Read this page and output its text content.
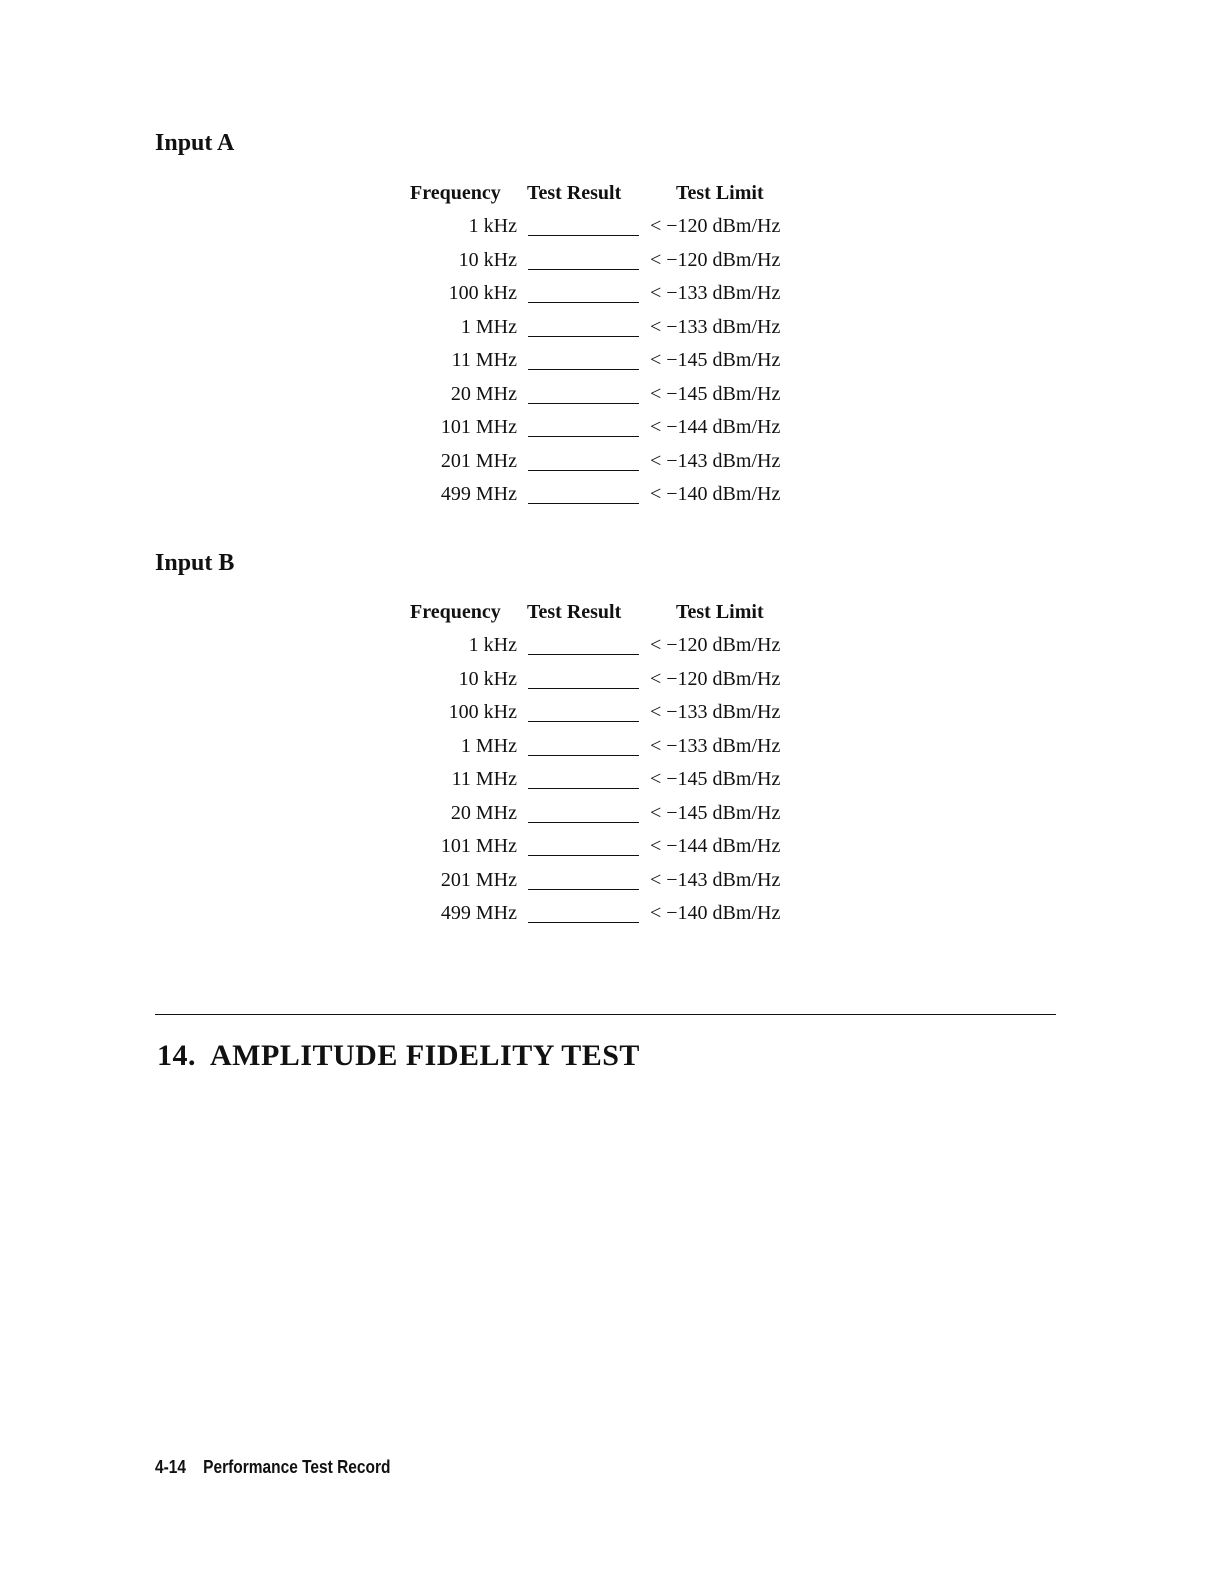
Input A
Frequency Test Result	Test Limit
1 kHz	< −120 dBm/Hz
10 kHz	< −120 dBm/Hz
100 kHz	< −133 dBm/Hz
1 MHz	< −133 dBm/Hz
11 MHz	< −145 dBm/Hz
20 MHz	< −145 dBm/Hz
101 MHz	< −144 dBm/Hz
201 MHz	< −143 dBm/Hz
499 MHz	< −140 dBm/Hz
Input B
Frequency Test Result	Test Limit
1 kHz	< −120 dBm/Hz
10 kHz	< −120 dBm/Hz
100 kHz	< −133 dBm/Hz
1 MHz	< −133 dBm/Hz
11 MHz	< −145 dBm/Hz
20 MHz	< −145 dBm/Hz
101 MHz	< −144 dBm/Hz
201 MHz	< −143 dBm/Hz
499 MHz	< −140 dBm/Hz
14. AMPLITUDE FIDELITY TEST
4-14 Performance Test Record
